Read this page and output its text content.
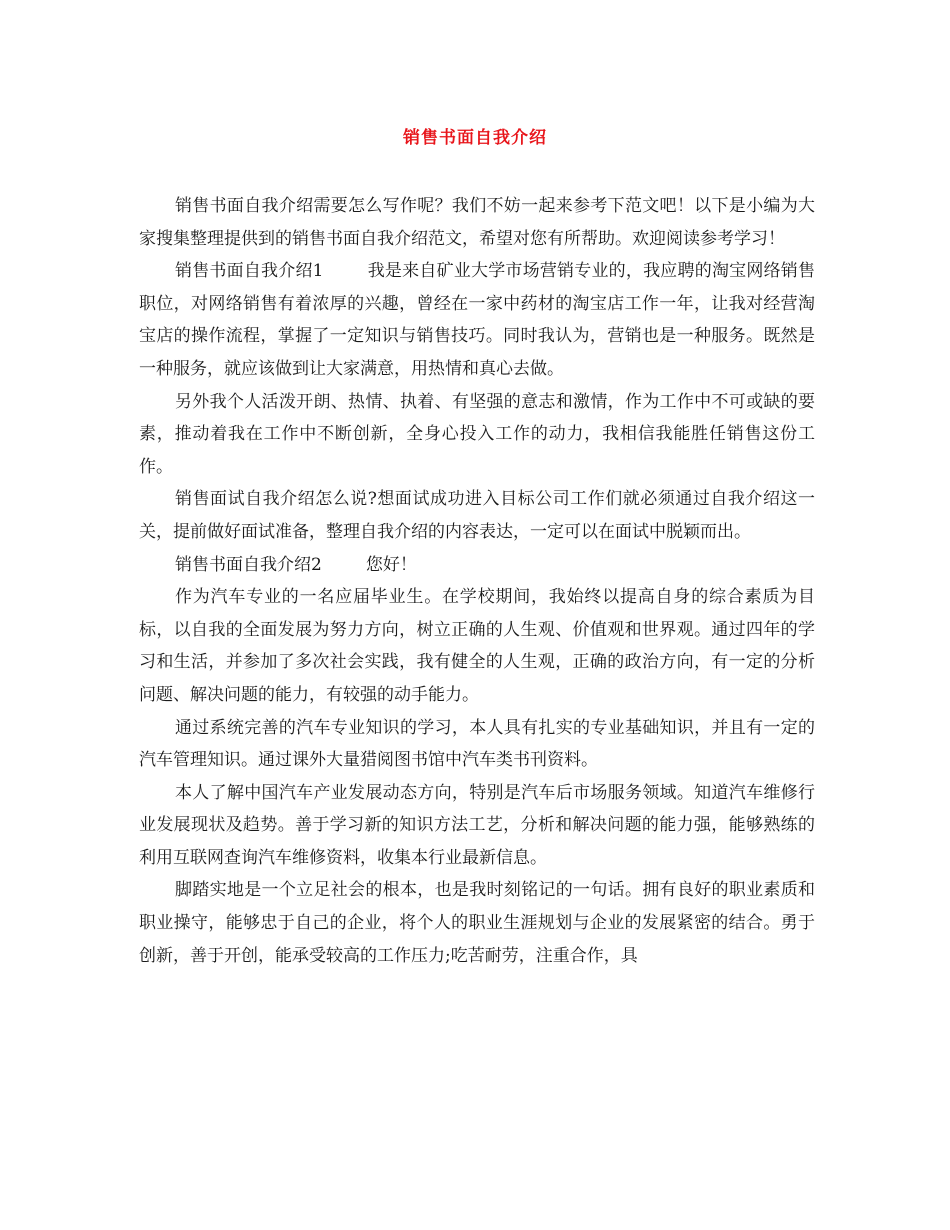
销售书面自我介绍

销售书面自我介绍需要怎么写作呢？我们不妨一起来参考下范文吧！以下是小编为大家搜集整理提供到的销售书面自我介绍范文，希望对您有所帮助。欢迎阅读参考学习！

销售书面自我介绍1	我是来自矿业大学市场营销专业的，我应聘的淘宝网络销售职位，对网络销售有着浓厚的兴趣，曾经在一家中药材的淘宝店工作一年，让我对经营淘宝店的操作流程，掌握了一定知识与销售技巧。同时我认为，营销也是一种服务。既然是一种服务，就应该做到让大家满意，用热情和真心去做。

另外我个人活泼开朗、热情、执着、有坚强的意志和激情，作为工作中不可或缺的要素，推动着我在工作中不断创新，全身心投入工作的动力，我相信我能胜任销售这份工作。

销售面试自我介绍怎么说?想面试成功进入目标公司工作们就必须通过自我介绍这一关，提前做好面试准备，整理自我介绍的内容表达，一定可以在面试中脱颖而出。

销售书面自我介绍2	您好！

作为汽车专业的一名应届毕业生。在学校期间，我始终以提高自身的综合素质为目标，以自我的全面发展为努力方向，树立正确的人生观、价值观和世界观。通过四年的学习和生活，并参加了多次社会实践，我有健全的人生观，正确的政治方向，有一定的分析问题、解决问题的能力，有较强的动手能力。

通过系统完善的汽车专业知识的学习，本人具有扎实的专业基础知识，并且有一定的汽车管理知识。通过课外大量猎阅图书馆中汽车类书刊资料。

本人了解中国汽车产业发展动态方向，特别是汽车后市场服务领域。知道汽车维修行业发展现状及趋势。善于学习新的知识方法工艺，分析和解决问题的能力强，能够熟练的利用互联网查询汽车维修资料，收集本行业最新信息。

脚踏实地是一个立足社会的根本，也是我时刻铭记的一句话。拥有良好的职业素质和职业操守，能够忠于自己的企业，将个人的职业生涯规划与企业的发展紧密的结合。勇于创新，善于开创，能承受较高的工作压力;吃苦耐劳，注重合作，具
